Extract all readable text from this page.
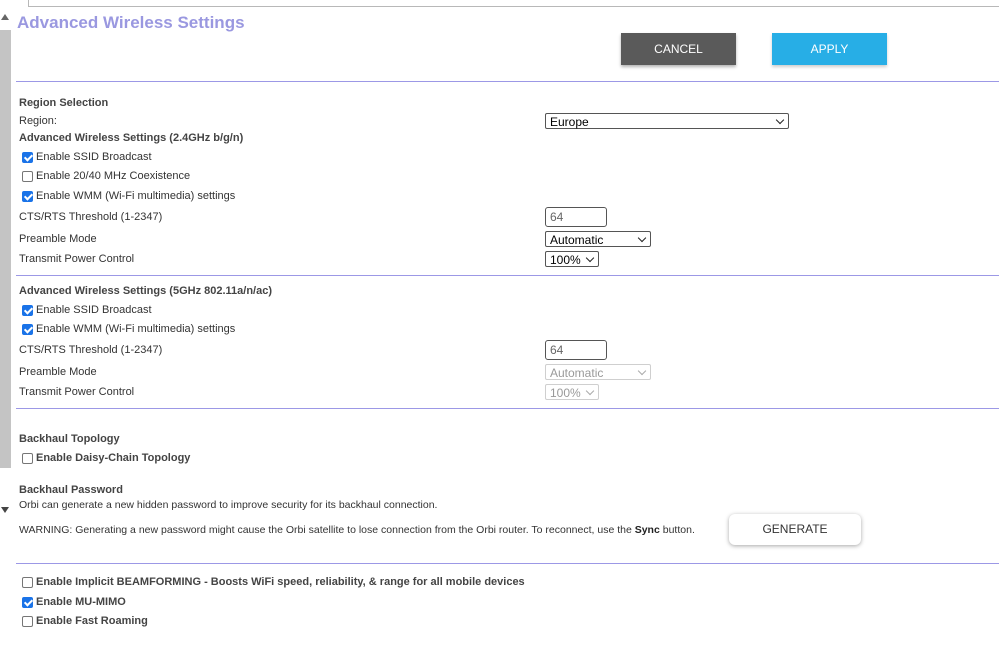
Advanced Wireless Settings
CANCEL	APPLY
Region Selection
Region:	Europe
Advanced Wireless Settings (2.4GHz b/g/n)
Enable SSID Broadcast
Enable 20/40 MHz Coexistence
Enable WMM (Wi-Fi multimedia) settings
CTS/RTS Threshold (1-2347)	64
Preamble Mode	Automatic
Transmit Power Control	100%
Advanced Wireless Settings (5GHz 802.11a/n/ac)
Enable SSID Broadcast
Enable WMM (Wi-Fi multimedia) settings
CTS/RTS Threshold (1-2347)	64
Preamble Mode	Automatic
Transmit Power Control	100%
Backhaul Topology
Enable Daisy-Chain Topology
Backhaul Password
Orbi can generate a new hidden password to improve security for its backhaul connection.
WARNING: Generating a new password might cause the Orbi satellite to lose connection from the Orbi router. To reconnect, use the Sync button.	GENERATE
Enable Implicit BEAMFORMING - Boosts WiFi speed, reliability, & range for all mobile devices
Enable MU-MIMO
Enable Fast Roaming
